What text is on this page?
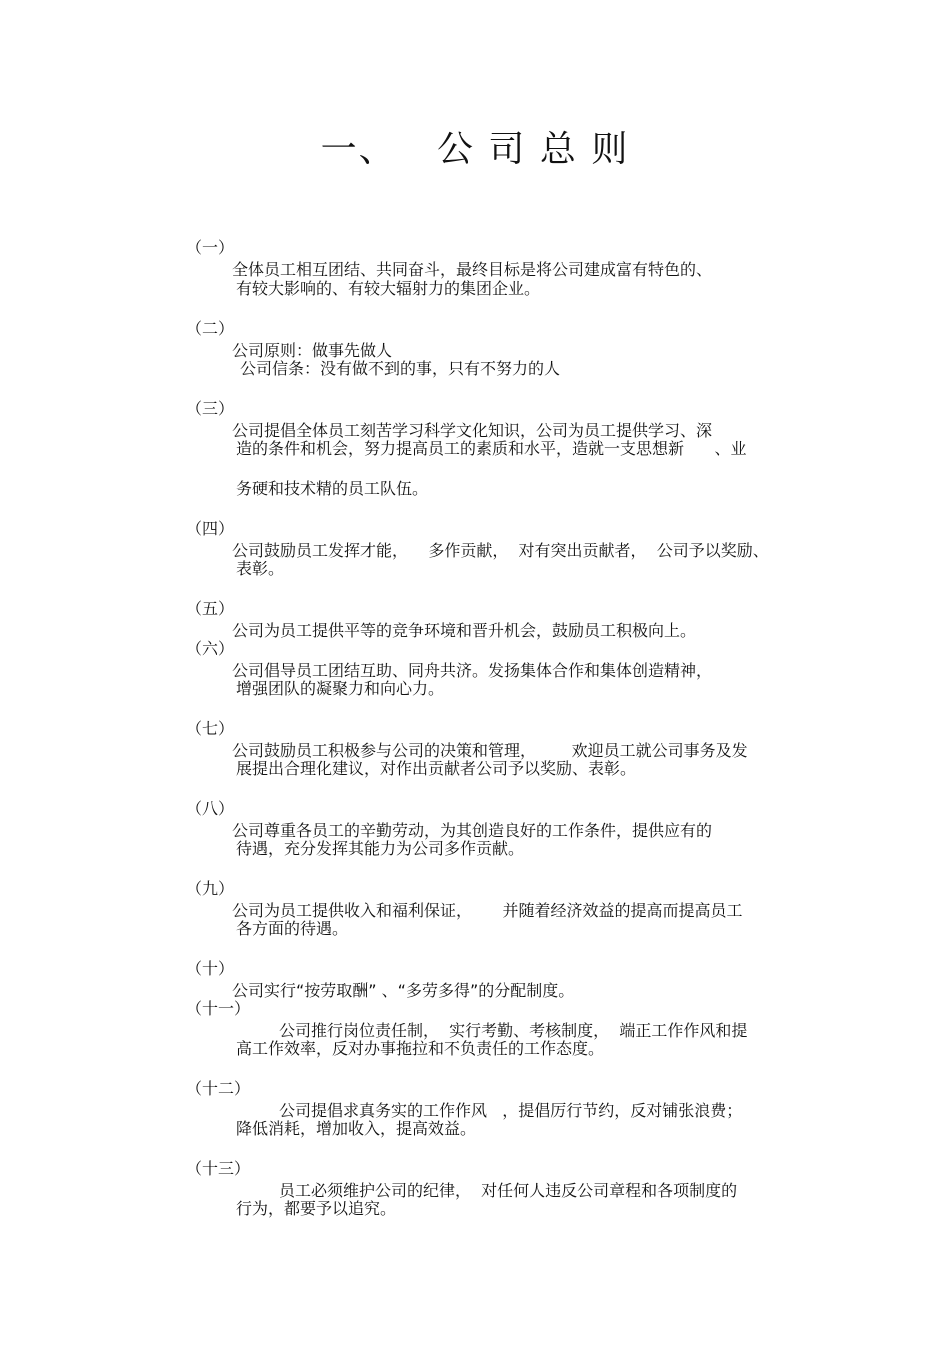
一、   公 司 总 则

（一）

全体员工相互团结、共同奋斗，最终目标是将公司建成富有特色的、

有较大影响的、有较大辐射力的集团企业。

（二）

公司原则：做事先做人

公司信条：没有做不到的事，只有不努力的人

（三）

公司提倡全体员工刻苦学习科学文化知识，公司为员工提供学习、深

造的条件和机会，努力提高员工的素质和水平，造就一支思想新      、业

务硬和技术精的员工队伍。

（四）

公司鼓励员工发挥才能，    多作贡献，  对有突出贡献者，  公司予以奖励、

表彰。

（五）

公司为员工提供平等的竞争环境和晋升机会，鼓励员工积极向上。

（六）

公司倡导员工团结互助、同舟共济。发扬集体合作和集体创造精神，

增强团队的凝聚力和向心力。

（七）

公司鼓励员工积极参与公司的决策和管理，       欢迎员工就公司事务及发

展提出合理化建议，对作出贡献者公司予以奖励、表彰。

（八）

公司尊重各员工的辛勤劳动，为其创造良好的工作条件，提供应有的

待遇，充分发挥其能力为公司多作贡献。

（九）

公司为员工提供收入和福利保证，      并随着经济效益的提高而提高员工

各方面的待遇。

（十）

公司实行“按劳取酬” 、“多劳多得”的分配制度。

（十一）

公司推行岗位责任制，  实行考勤、考核制度，  端正工作作风和提

高工作效率，反对办事拖拉和不负责任的工作态度。

（十二）

公司提倡求真务实的工作作风   ，提倡厉行节约，反对铺张浪费；

降低消耗，增加收入，提高效益。

（十三）

员工必须维护公司的纪律，  对任何人违反公司章程和各项制度的

行为，都要予以追究。
